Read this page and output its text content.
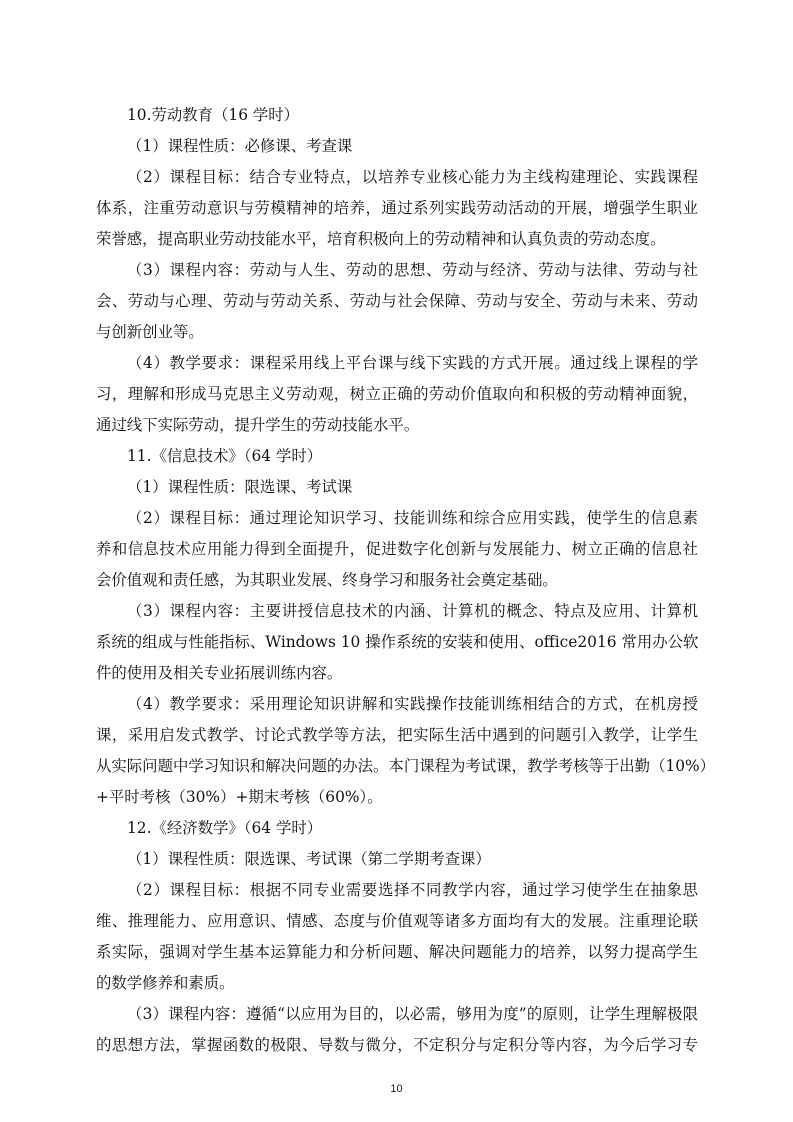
10.劳动教育（16 学时）
（1）课程性质：必修课、考查课
（2）课程目标：结合专业特点，以培养专业核心能力为主线构建理论、实践课程
体系，注重劳动意识与劳模精神的培养，通过系列实践劳动活动的开展，增强学生职业
荣誉感，提高职业劳动技能水平，培育积极向上的劳动精神和认真负责的劳动态度。
（3）课程内容：劳动与人生、劳动的思想、劳动与经济、劳动与法律、劳动与社
会、劳动与心理、劳动与劳动关系、劳动与社会保障、劳动与安全、劳动与未来、劳动
与创新创业等。
（4）教学要求：课程采用线上平台课与线下实践的方式开展。通过线上课程的学
习，理解和形成马克思主义劳动观，树立正确的劳动价值取向和积极的劳动精神面貌，
通过线下实际劳动，提升学生的劳动技能水平。
11.《信息技术》（64 学时）
（1）课程性质：限选课、考试课
（2）课程目标：通过理论知识学习、技能训练和综合应用实践，使学生的信息素
养和信息技术应用能力得到全面提升，促进数字化创新与发展能力、树立正确的信息社
会价值观和责任感，为其职业发展、终身学习和服务社会奠定基础。
（3）课程内容：主要讲授信息技术的内涵、计算机的概念、特点及应用、计算机
系统的组成与性能指标、Windows 10 操作系统的安装和使用、office2016 常用办公软
件的使用及相关专业拓展训练内容。
（4）教学要求：采用理论知识讲解和实践操作技能训练相结合的方式，在机房授
课，采用启发式教学、讨论式教学等方法，把实际生活中遇到的问题引入教学，让学生
从实际问题中学习知识和解决问题的办法。本门课程为考试课，教学考核等于出勤（10%）
+平时考核（30%）+期末考核（60%）。
12.《经济数学》（64 学时）
（1）课程性质：限选课、考试课（第二学期考查课）
（2）课程目标：根据不同专业需要选择不同教学内容，通过学习使学生在抽象思
维、推理能力、应用意识、情感、态度与价值观等诸多方面均有大的发展。注重理论联
系实际，强调对学生基本运算能力和分析问题、解决问题能力的培养，以努力提高学生
的数学修养和素质。
（3）课程内容：遵循“以应用为目的，以必需，够用为度”的原则，让学生理解极限
的思想方法，掌握函数的极限、导数与微分，不定积分与定积分等内容，为今后学习专
10
